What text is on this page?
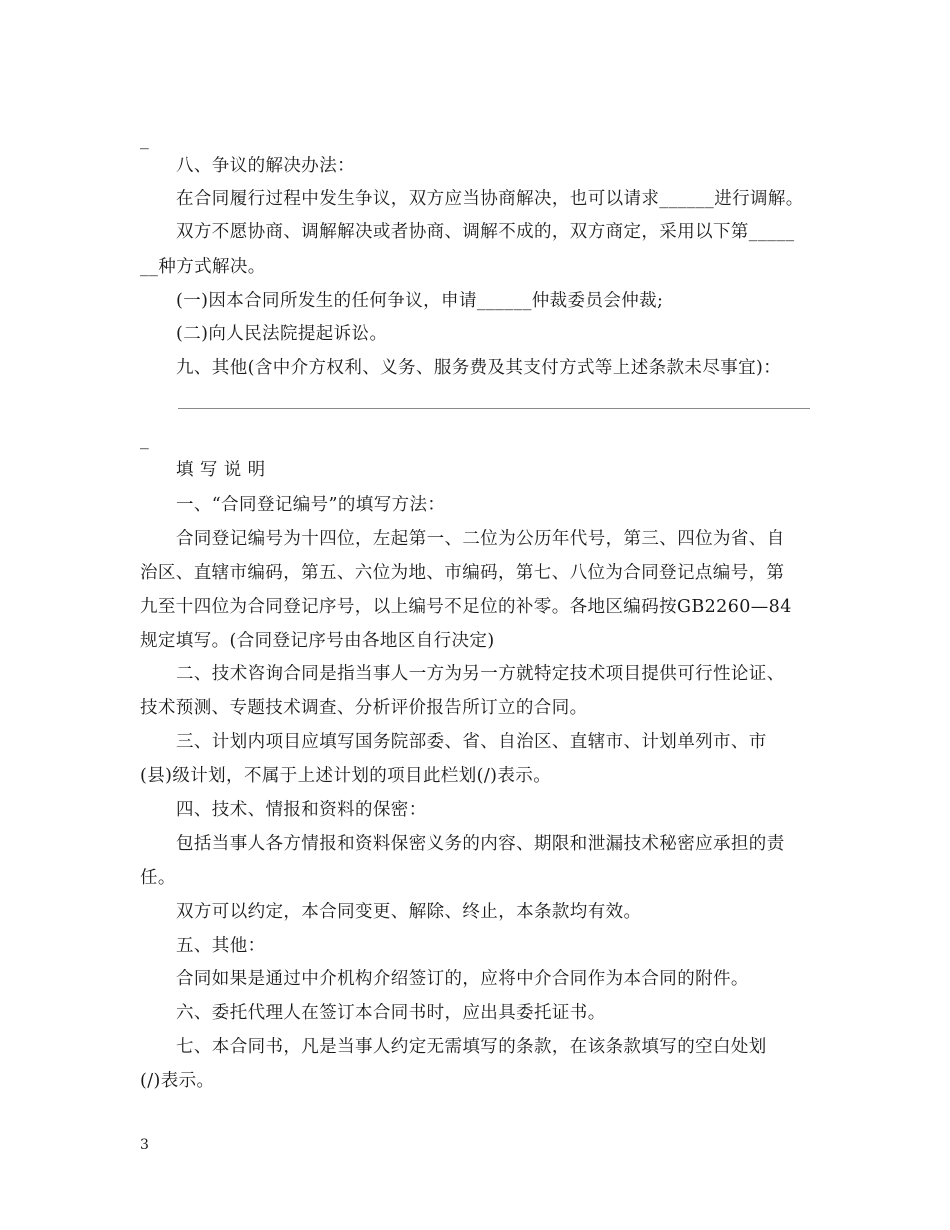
_

八、争议的解决办法：

在合同履行过程中发生争议，双方应当协商解决，也可以请求______进行调解。

双方不愿协商、调解解决或者协商、调解不成的，双方商定，采用以下第_____

__种方式解决。

(一)因本合同所发生的任何争议，申请______仲裁委员会仲裁;

(二)向人民法院提起诉讼。

九、其他(含中介方权利、义务、服务费及其支付方式等上述条款未尽事宜)：

_

填 写 说 明

一、“合同登记编号”的填写方法：

合同登记编号为十四位，左起第一、二位为公历年代号，第三、四位为省、自

治区、直辖市编码，第五、六位为地、市编码，第七、八位为合同登记点编号，第

九至十四位为合同登记序号，以上编号不足位的补零。各地区编码按GB2260—84

规定填写。(合同登记序号由各地区自行决定)

二、技术咨询合同是指当事人一方为另一方就特定技术项目提供可行性论证、

技术预测、专题技术调查、分析评价报告所订立的合同。

三、计划内项目应填写国务院部委、省、自治区、直辖市、计划单列市、市

(县)级计划，不属于上述计划的项目此栏划(/)表示。

四、技术、情报和资料的保密：

包括当事人各方情报和资料保密义务的内容、期限和泄漏技术秘密应承担的责

任。

双方可以约定，本合同变更、解除、终止，本条款均有效。

五、其他：

合同如果是通过中介机构介绍签订的，应将中介合同作为本合同的附件。

六、委托代理人在签订本合同书时，应出具委托证书。

七、本合同书，凡是当事人约定无需填写的条款，在该条款填写的空白处划

(/)表示。

3
